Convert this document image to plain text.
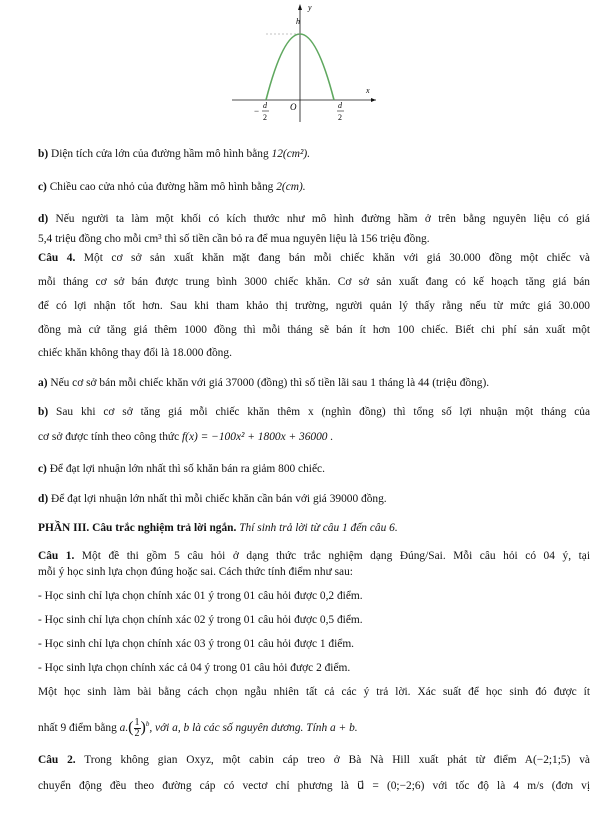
y
h
x
O
−
d
2
d
2
b) Diện tích cửa lớn của đường hầm mô hình bằng 12(cm²).
c) Chiều cao cửa nhỏ của đường hầm mô hình bằng 2(cm).
d) Nếu người ta làm một khối có kích thước như mô hình đường hầm ở trên bằng nguyên liệu có giá
5,4 triệu đồng cho mỗi cm³ thì số tiền cần bỏ ra để mua nguyên liệu là 156 triệu đồng.
Câu 4. Một cơ sở sản xuất khăn mặt đang bán mỗi chiếc khăn với giá 30.000 đồng một chiếc và
mỗi tháng cơ sở bán được trung bình 3000 chiếc khăn. Cơ sở sản xuất đang có kế hoạch tăng giá bán
để có lợi nhận tốt hơn. Sau khi tham khảo thị trường, người quản lý thấy rằng nếu từ mức giá 30.000
đồng mà cứ tăng giá thêm 1000 đồng thì mỗi tháng sẽ bán ít hơn 100 chiếc. Biết chi phí sản xuất một
chiếc khăn không thay đổi là 18.000 đồng.
a) Nếu cơ sở bán mỗi chiếc khăn với giá 37000 (đồng) thì số tiền lãi sau 1 tháng là 44 (triệu đồng).
b) Sau khi cơ sở tăng giá mỗi chiếc khăn thêm x (nghìn đồng) thì tổng số lợi nhuận một tháng của
cơ sở được tính theo công thức f(x) = −100x² + 1800x + 36000 .
c) Để đạt lợi nhuận lớn nhất thì số khăn bán ra giảm 800 chiếc.
d) Để đạt lợi nhuận lớn nhất thì mỗi chiếc khăn cần bán với giá 39000 đồng.
PHẦN III. Câu trắc nghiệm trả lời ngắn. Thí sinh trả lời từ câu 1 đến câu 6.
Câu 1. Một đề thi gồm 5 câu hỏi ở dạng thức trắc nghiệm dạng Đúng/Sai. Mỗi câu hỏi có 04 ý, tại
mỗi ý học sinh lựa chọn đúng hoặc sai. Cách thức tính điểm như sau:
- Học sinh chỉ lựa chọn chính xác 01 ý trong 01 câu hỏi được 0,2 điểm.
- Học sinh chỉ lựa chọn chính xác 02 ý trong 01 câu hỏi được 0,5 điểm.
- Học sinh chỉ lựa chọn chính xác 03 ý trong 01 câu hỏi được 1 điểm.
- Học sinh lựa chọn chính xác cả 04 ý trong 01 câu hỏi được 2 điểm.
Một học sinh làm bài bằng cách chọn ngẫu nhiên tất cả các ý trả lời. Xác suất để học sinh đó được ít
nhất 9 điểm bằng $a.( \frac{1}{2} )^b$, với a, b là các số nguyên dương. Tính a + b.
Câu 2. Trong không gian Oxyz, một cabin cáp treo ở Bà Nà Hill xuất phát từ điểm A(−2;1;5) và
chuyển động đều theo đường cáp có vectơ chỉ phương là u⃗ = (0;−2;6) với tốc độ là 4 m/s (đơn vị
